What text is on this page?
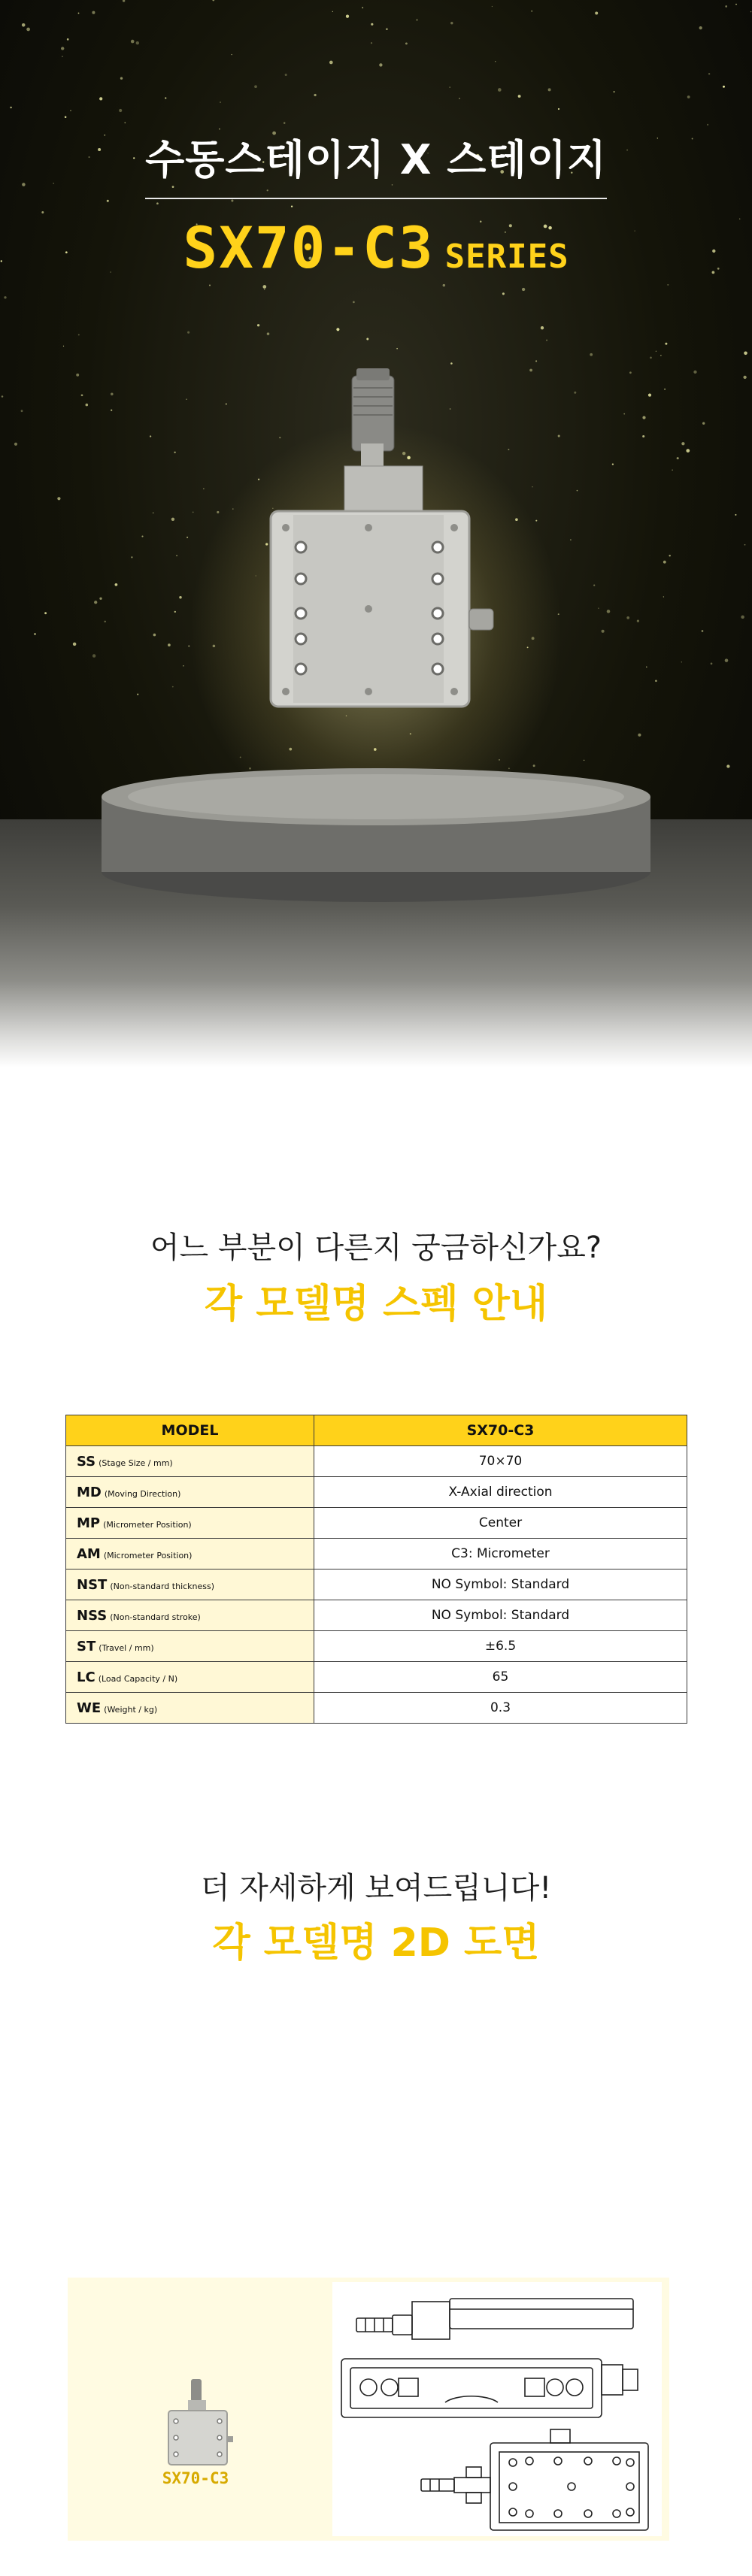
수동스테이지 X 스테이지
SX70-C3 SERIES
어느 부분이 다른지 궁금하신가요?
각 모델명 스펙 안내
MODEL	SX70-C3
SS (Stage Size / mm)	70×70
MD (Moving Direction)	X-Axial direction
MP (Micrometer Position)	Center
AM (Micrometer Position)	C3: Micrometer
NST (Non-standard thickness)	NO Symbol: Standard
NSS (Non-standard stroke)	NO Symbol: Standard
ST (Travel / mm)	±6.5
LC (Load Capacity / N)	65
WE (Weight / kg)	0.3
더 자세하게 보여드립니다!
각 모델명 2D 도면
SX70-C3
